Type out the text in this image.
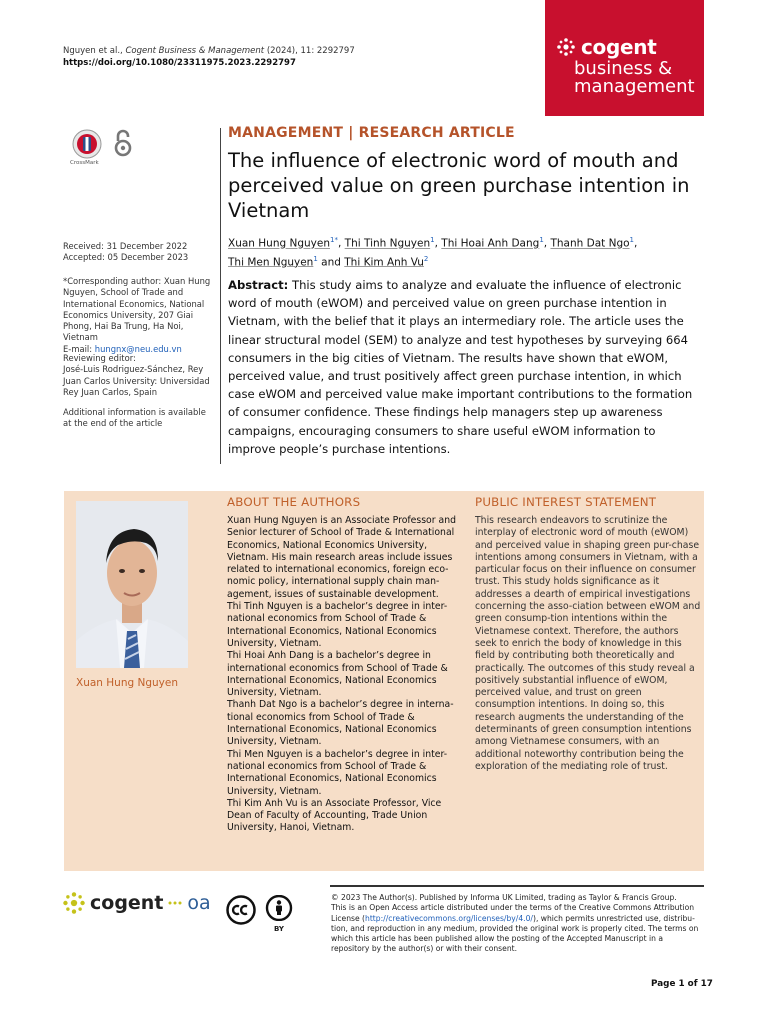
Nguyen et al., Cogent Business & Management (2024), 11: 2292797
https://doi.org/10.1080/23311975.2023.2292797
cogent
business &
management
CrossMark
Received: 31 December 2022
Accepted: 05 December 2023
*Corresponding author: Xuan Hung Nguyen, School of Trade and International Economics, National Economics University, 207 Giai Phong, Hai Ba Trung, Ha Noi, Vietnam
E-mail: hungnx@neu.edu.vn
Reviewing editor:
José-Luis Rodriguez-Sánchez, Rey Juan Carlos University: Universidad Rey Juan Carlos, Spain
Additional information is available at the end of the article
MANAGEMENT | RESEARCH ARTICLE
The influence of electronic word of mouth and perceived value on green purchase intention in Vietnam
Xuan Hung Nguyen$^{1*}$, Thi Tinh Nguyen$^1$, Thi Hoai Anh Dang$^1$, Thanh Dat Ngo$^1$,
Thi Men Nguyen$^1$ and Thi Kim Anh Vu$^2$
Abstract: This study aims to analyze and evaluate the influence of electronic word of mouth (eWOM) and perceived value on green purchase intention in Vietnam, with the belief that it plays an intermediary role. The article uses the linear structural model (SEM) to analyze and test hypotheses by surveying 664 consumers in the big cities of Vietnam. The results have shown that eWOM, perceived value, and trust positively affect green purchase intention, in which case eWOM and perceived value make important contributions to the formation of consumer confidence. These findings help managers step up awareness campaigns, encouraging consumers to share useful eWOM information to improve people’s purchase intentions.
Xuan Hung Nguyen
ABOUT THE AUTHORS

Xuan Hung Nguyen is an Associate Professor and Senior lecturer of School of Trade & International Economics, National Economics University, Vietnam. His main research areas include issues related to international economics, foreign eco-nomic policy, international supply chain man-agement, issues of sustainable development.

Thi Tinh Nguyen is a bachelor’s degree in inter-national economics from School of Trade & International Economics, National Economics University, Vietnam.

Thi Hoai Anh Dang is a bachelor’s degree in international economics from School of Trade & International Economics, National Economics University, Vietnam.

Thanh Dat Ngo is a bachelor’s degree in interna-tional economics from School of Trade & International Economics, National Economics University, Vietnam.

Thi Men Nguyen is a bachelor’s degree in inter-national economics from School of Trade & International Economics, National Economics University, Vietnam.

Thi Kim Anh Vu is an Associate Professor, Vice Dean of Faculty of Accounting, Trade Union University, Hanoi, Vietnam.

PUBLIC INTEREST STATEMENT

This research endeavors to scrutinize the interplay of electronic word of mouth (eWOM) and perceived value in shaping green pur-chase intentions among consumers in Vietnam, with a particular focus on their influence on consumer trust. This study holds significance as it addresses a dearth of empirical investigations concerning the asso-ciation between eWOM and green consump-tion intentions within the Vietnamese context. Therefore, the authors seek to enrich the body of knowledge in this field by contributing both theoretically and practically. The outcomes of this study reveal a positively substantial influence of eWOM, perceived value, and trust on green consumption intentions. In doing so, this research augments the understanding of the determinants of green consumption intentions among Vietnamese consumers, with an additional noteworthy contribution being the exploration of the mediating role of trust.

cogent oa
BY
© 2023 The Author(s). Published by Informa UK Limited, trading as Taylor & Francis Group.
This is an Open Access article distributed under the terms of the Creative Commons Attribution License (http://creativecommons.org/licenses/by/4.0/), which permits unrestricted use, distribu-tion, and reproduction in any medium, provided the original work is properly cited. The terms on which this article has been published allow the posting of the Accepted Manuscript in a repository by the author(s) or with their consent.
Page 1 of 17
